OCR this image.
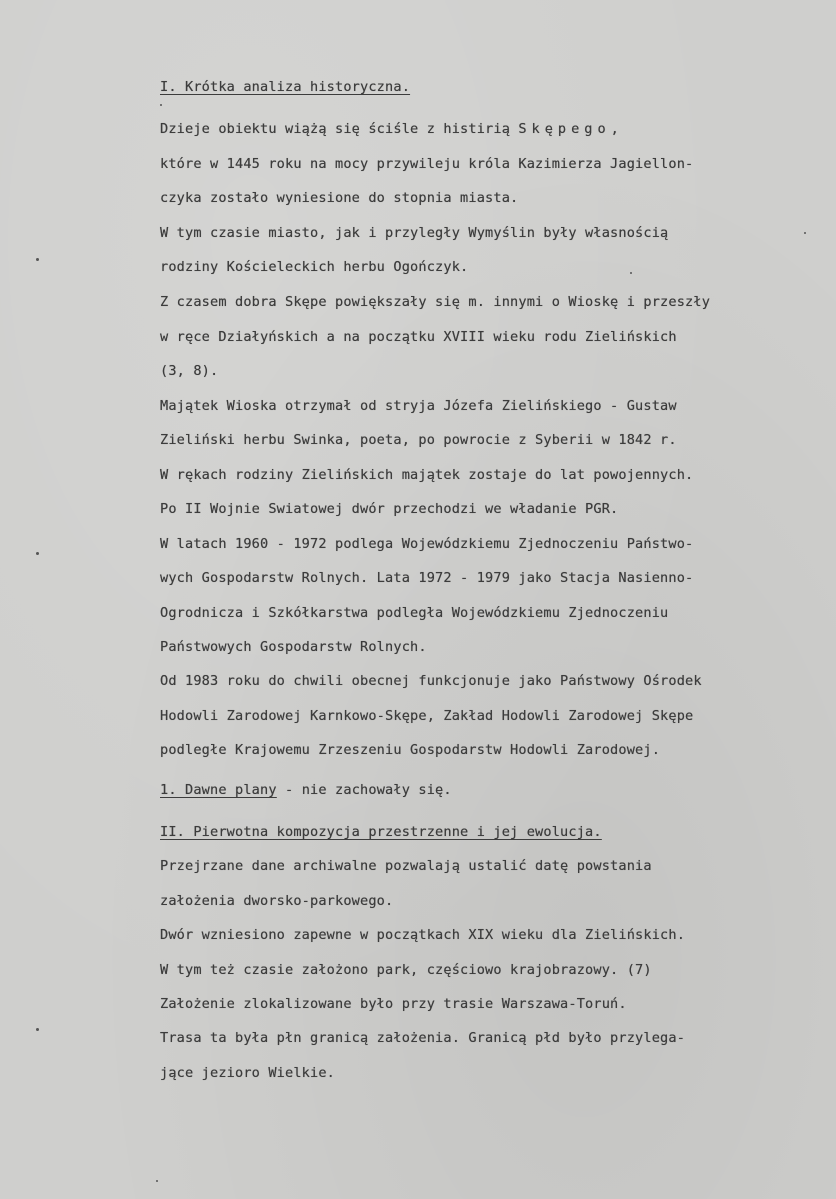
I. Krótka analiza historyczna.
Dzieje obiektu wiążą się ściśle z histirią Skępego,
które w 1445 roku na mocy przywileju króla Kazimierza Jagiellon-
czyka zostało wyniesione do stopnia miasta.
W tym czasie miasto, jak i przyległy Wymyślin były własnością
rodziny Kościeleckich herbu Ogończyk.
Z czasem dobra Skępe powiększały się m. innymi o Wioskę i przeszły
w ręce Działyńskich a na początku XVIII wieku rodu Zielińskich
(3, 8).
Majątek Wioska otrzymał od stryja Józefa Zielińskiego - Gustaw
Zieliński herbu Swinka, poeta, po powrocie z Syberii w 1842 r.
W rękach rodziny Zielińskich majątek zostaje do lat powojennych.
Po II Wojnie Swiatowej dwór przechodzi we władanie PGR.
W latach 1960 - 1972 podlega Wojewódzkiemu Zjednoczeniu Państwo-
wych Gospodarstw Rolnych. Lata 1972 - 1979 jako Stacja Nasienno-
Ogrodnicza i Szkółkarstwa podległa Wojewódzkiemu Zjednoczeniu
Państwowych Gospodarstw Rolnych.
Od 1983 roku do chwili obecnej funkcjonuje jako Państwowy Ośrodek
Hodowli Zarodowej Karnkowo-Skępe, Zakład Hodowli Zarodowej Skępe
podległe Krajowemu Zrzeszeniu Gospodarstw Hodowli Zarodowej.
1. Dawne plany - nie zachowały się.
II. Pierwotna kompozycja przestrzenne i jej ewolucja.
Przejrzane dane archiwalne pozwalają ustalić datę powstania
założenia dworsko-parkowego.
Dwór wzniesiono zapewne w początkach XIX wieku dla Zielińskich.
W tym też czasie założono park, częściowo krajobrazowy. (7)
Założenie zlokalizowane było przy trasie Warszawa-Toruń.
Trasa ta była płn granicą założenia. Granicą płd było przylega-
jące jezioro Wielkie.
